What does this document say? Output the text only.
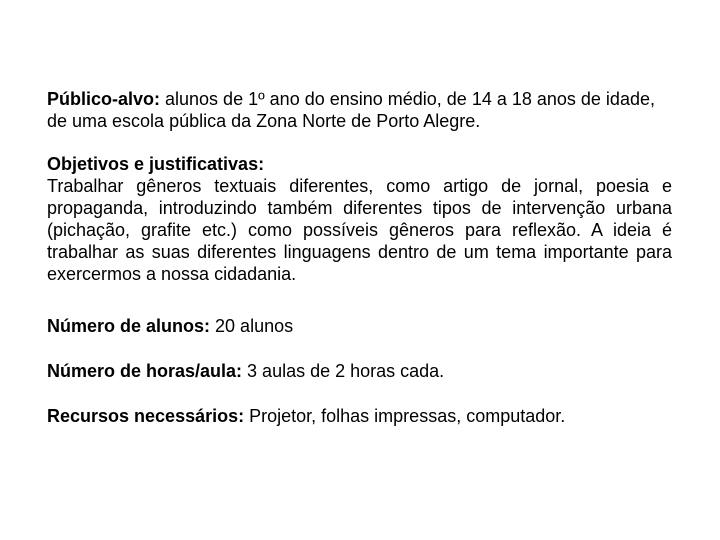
Público-alvo: alunos de 1º ano do ensino médio, de 14 a 18 anos de idade, de uma escola pública da Zona Norte de Porto Alegre.

Objetivos e justificativas:
Trabalhar gêneros textuais diferentes, como artigo de jornal, poesia e propaganda, introduzindo também diferentes tipos de intervenção urbana (pichação, grafite etc.) como possíveis gêneros para reflexão. A ideia é trabalhar as suas diferentes linguagens dentro de um tema importante para exercermos a nossa cidadania.

Número de alunos: 20 alunos

Número de horas/aula: 3 aulas de 2 horas cada.

Recursos necessários: Projetor, folhas impressas, computador.
